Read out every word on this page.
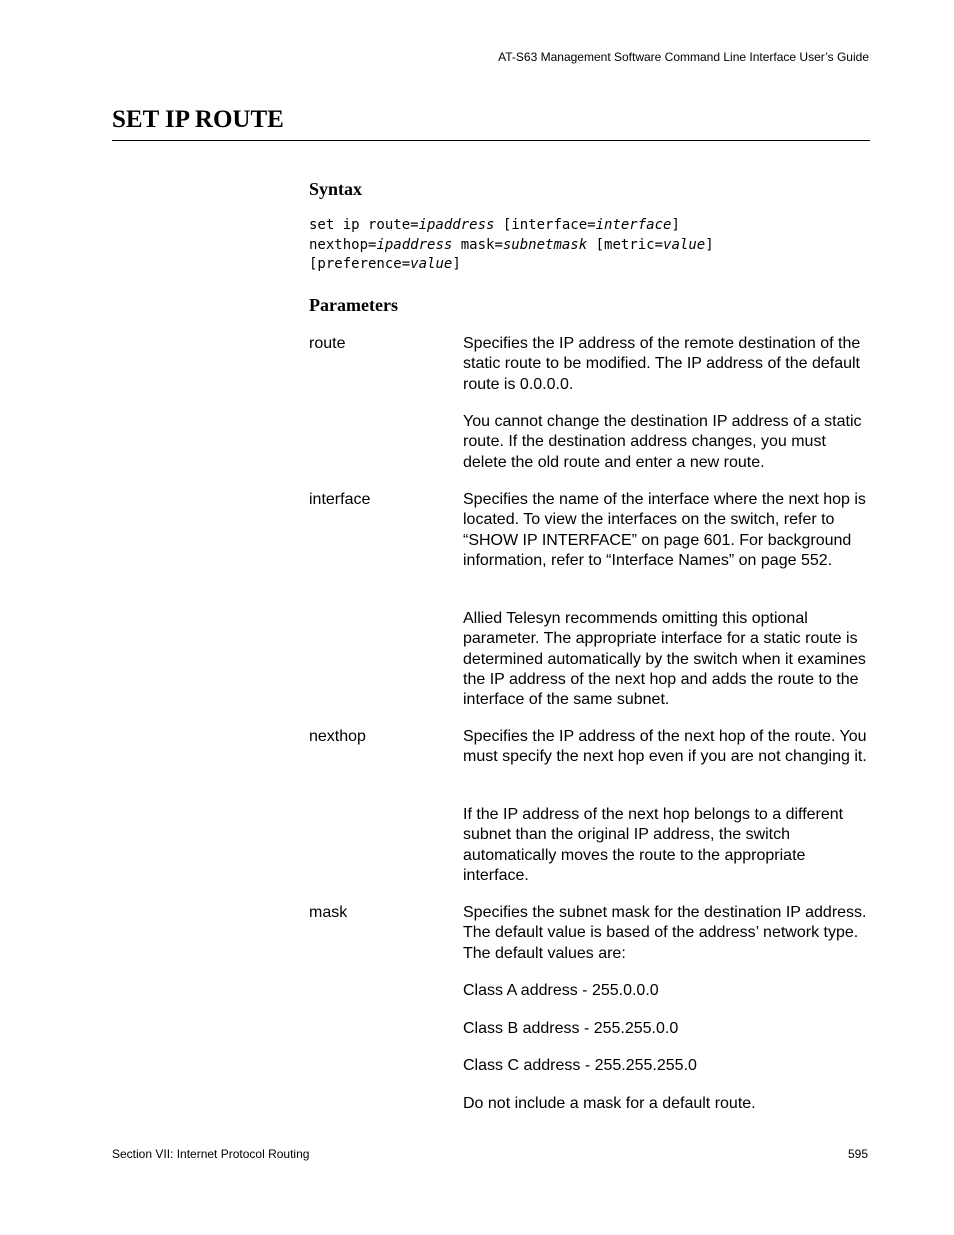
AT-S63 Management Software Command Line Interface User’s Guide
SET IP ROUTE
Syntax
set ip route=ipaddress [interface=interface]
nexthop=ipaddress mask=subnetmask [metric=value]
[preference=value]
Parameters
route	Specifies the IP address of the remote destination of the static route to be modified. The IP address of the default route is 0.0.0.0.

You cannot change the destination IP address of a static route. If the destination address changes, you must delete the old route and enter a new route.

interface	Specifies the name of the interface where the next hop is located. To view the interfaces on the switch, refer to “SHOW IP INTERFACE” on page 601. For background information, refer to “Interface Names” on page 552.

Allied Telesyn recommends omitting this optional parameter. The appropriate interface for a static route is determined automatically by the switch when it examines the IP address of the next hop and adds the route to the interface of the same subnet.

nexthop	Specifies the IP address of the next hop of the route. You must specify the next hop even if you are not changing it.

If the IP address of the next hop belongs to a different subnet than the original IP address, the switch automatically moves the route to the appropriate interface.

mask	Specifies the subnet mask for the destination IP address. The default value is based of the address’ network type. The default values are:

Class A address - 255.0.0.0

Class B address - 255.255.0.0

Class C address - 255.255.255.0

Do not include a mask for a default route.

Section VII: Internet Protocol Routing	595
